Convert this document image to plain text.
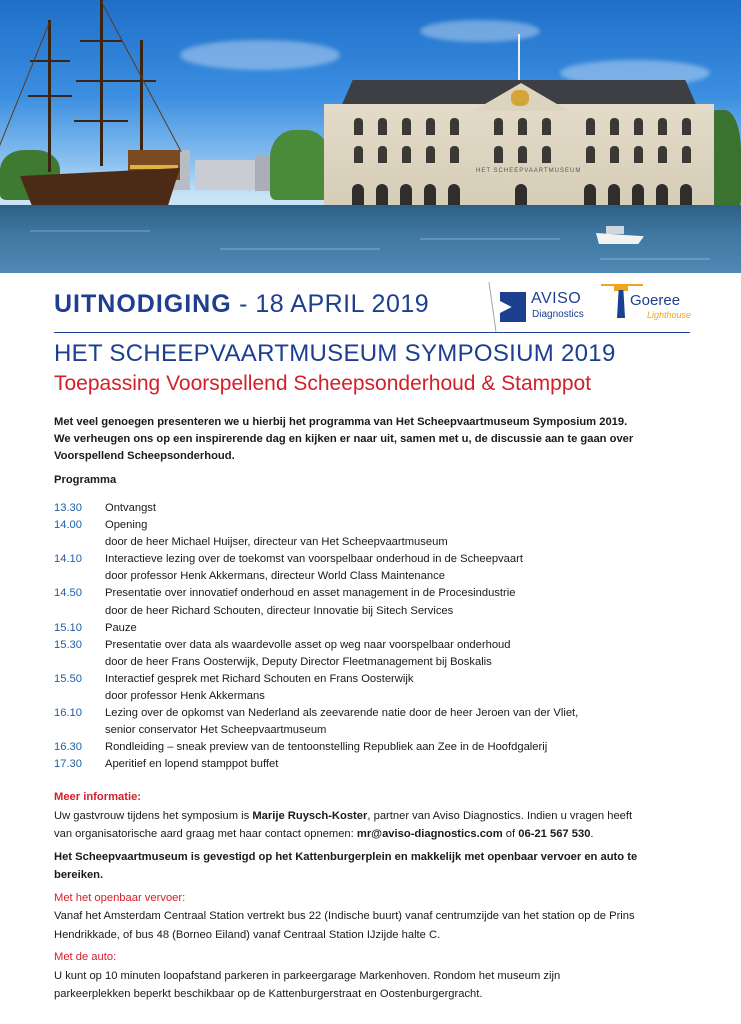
HET SCHEEPVAARTMUSEUM
UITNODIGING - 18 APRIL 2019	AVISO
Diagnostics
Goeree
Lighthouse
HET SCHEEPVAARTMUSEUM SYMPOSIUM 2019
Toepassing Voorspellend Scheepsonderhoud & Stamppot
Met veel genoegen presenteren we u hierbij het programma van Het Scheepvaartmuseum Symposium 2019.
We verheugen ons op een inspirerende dag en kijken er naar uit, samen met u, de discussie aan te gaan over
Voorspellend Scheepsonderhoud.
Programma
13.30 Ontvangst
14.00 Opening
door de heer Michael Huijser, directeur van Het Scheepvaartmuseum
14.10 Interactieve lezing over de toekomst van voorspelbaar onderhoud in de Scheepvaart
door professor Henk Akkermans, directeur World Class Maintenance
14.50 Presentatie over innovatief onderhoud en asset management in de Procesindustrie
door de heer Richard Schouten, directeur Innovatie bij Sitech Services
15.10 Pauze
15.30 Presentatie over data als waardevolle asset op weg naar voorspelbaar onderhoud
door de heer Frans Oosterwijk, Deputy Director Fleetmanagement bij Boskalis
15.50 Interactief gesprek met Richard Schouten en Frans Oosterwijk
door professor Henk Akkermans
16.10 Lezing over de opkomst van Nederland als zeevarende natie door de heer Jeroen van der Vliet,
senior conservator Het Scheepvaartmuseum
16.30 Rondleiding – sneak preview van de tentoonstelling Republiek aan Zee in de Hoofdgalerij
17.30 Aperitief en lopend stamppot buffet
Meer informatie:
Uw gastvrouw tijdens het symposium is Marije Ruysch-Koster, partner van Aviso Diagnostics. Indien u vragen heeft
van organisatorische aard graag met haar contact opnemen: mr@aviso-diagnostics.com of 06-21 567 530.
Het Scheepvaartmuseum is gevestigd op het Kattenburgerplein en makkelijk met openbaar vervoer en auto te
bereiken.
Met het openbaar vervoer:
Vanaf het Amsterdam Centraal Station vertrekt bus 22 (Indische buurt) vanaf centrumzijde van het station op de Prins
Hendrikkade, of bus 48 (Borneo Eiland) vanaf Centraal Station IJzijde halte C.
Met de auto:
U kunt op 10 minuten loopafstand parkeren in parkeergarage Markenhoven. Rondom het museum zijn
parkeerplekken beperkt beschikbaar op de Kattenburgerstraat en Oostenburgergracht.
